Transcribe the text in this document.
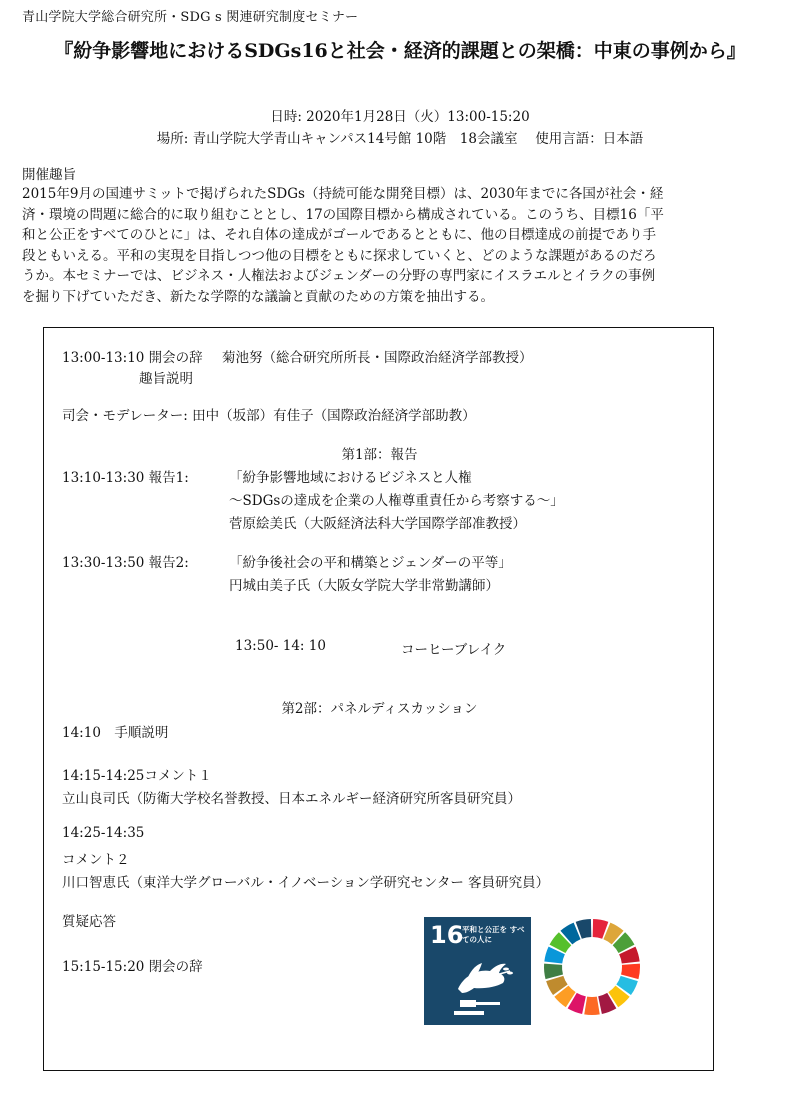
青山学院大学総合研究所・SDG s 関連研究制度セミナー
『紛争影響地におけるSDGs16と社会・経済的課題との架橋：中東の事例から』
日時: 2020年1月28日（火）13:00-15:20
場所: 青山学院大学青山キャンパス14号館 10階　18会議室　 使用言語：日本語
開催趣旨
2015年9月の国連サミットで掲げられたSDGs（持続可能な開発目標）は、2030年までに各国が社会・経
済・環境の問題に総合的に取り組むこととし、17の国際目標から構成されている。このうち、目標16「平
和と公正をすべてのひとに」は、それ自体の達成がゴールであるとともに、他の目標達成の前提であり手
段ともいえる。平和の実現を目指しつつ他の目標をともに探求していくと、どのような課題があるのだろ
うか。本セミナーでは、ビジネス・人権法およびジェンダーの分野の専門家にイスラエルとイラクの事例
を掘り下げていただき、新たな学際的な議論と貢献のための方策を抽出する。
13:00-13:10 開会の辞 菊池努（総合研究所所長・国際政治経済学部教授）
趣旨説明
司会・モデレーター: 田中（坂部）有佳子（国際政治経済学部助教）
第1部：報告
13:10-13:30 報告1:	「紛争影響地域におけるビジネスと人権
～SDGsの達成を企業の人権尊重責任から考察する～」
菅原絵美氏（大阪経済法科大学国際学部准教授）
13:30-13:50 報告2:	「紛争後社会の平和構築とジェンダーの平等」
円城由美子氏（大阪女学院大学非常勤講師）
13:50- 14: 10	コーヒーブレイク
第2部：パネルディスカッション
14:10　手順説明
14:15-14:25コメント１
立山良司氏（防衛大学校名誉教授、日本エネルギー経済研究所客員研究員）
14:25-14:35
コメント２
川口智恵氏（東洋大学グローバル・イノベーション学研究センター 客員研究員）
質疑応答
15:15-15:20 閉会の辞
16
平和と公正を すべての人に
